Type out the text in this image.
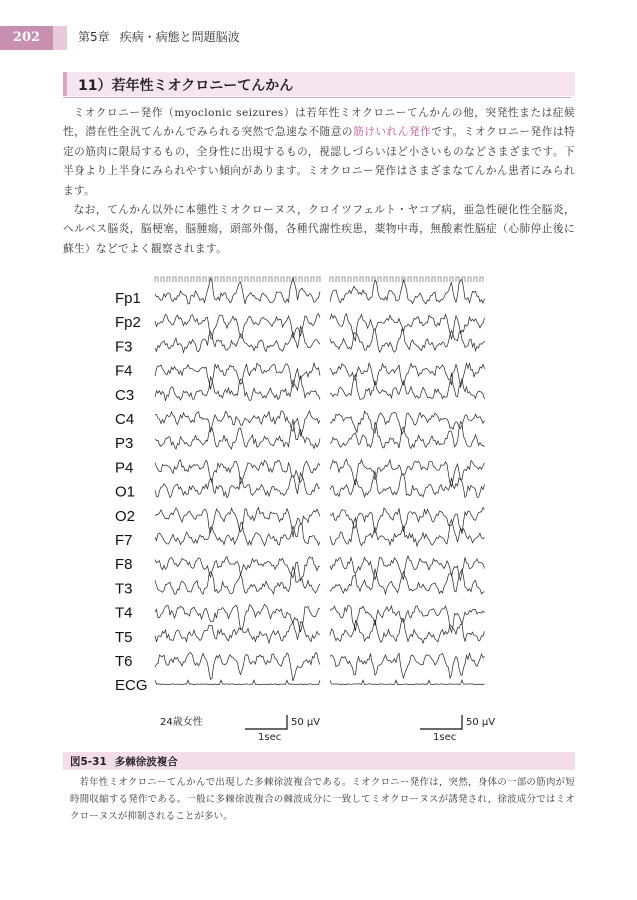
202	第5章 疾病・病態と問題脳波
11）若年性ミオクロニーてんかん

ミオクロニー発作（myoclonic seizures）は若年性ミオクロニーてんかんの他，突発性または症候性，潜在性全汎てんかんでみられる突然で急速な不随意の筋けいれん発作です。ミオクロニー発作は特定の筋肉に限局するもの，全身性に出現するもの，視認しづらいほど小さいものなどさまざまです。下半身より上半身にみられやすい傾向があります。ミオクロニー発作はさまざまなてんかん患者にみられます。

なお，てんかん以外に本態性ミオクローヌス，クロイツフェルト・ヤコブ病，亜急性硬化性全脳炎，ヘルペス脳炎，脳梗塞，脳腫瘍，頭部外傷，各種代謝性疾患，薬物中毒，無酸素性脳症（心肺停止後に蘇生）などでよく観察されます。

Fp1
Fp2
F3
F4
C3
C4
P3
P4
O1
O2
F7
F8
T3
T4
T5
T6
ECG
24歳女性	50 μV
1sec
50 μV
1sec
図5-31 多棘徐波複合
若年性ミオクロニーてんかんで出現した多棘徐波複合である。ミオクロニー発作は，突然，身体の一部の筋肉が短時間収縮する発作である。一般に多棘徐波複合の棘波成分に一致してミオクローヌスが誘発され，徐波成分ではミオクローヌスが抑制されることが多い。
